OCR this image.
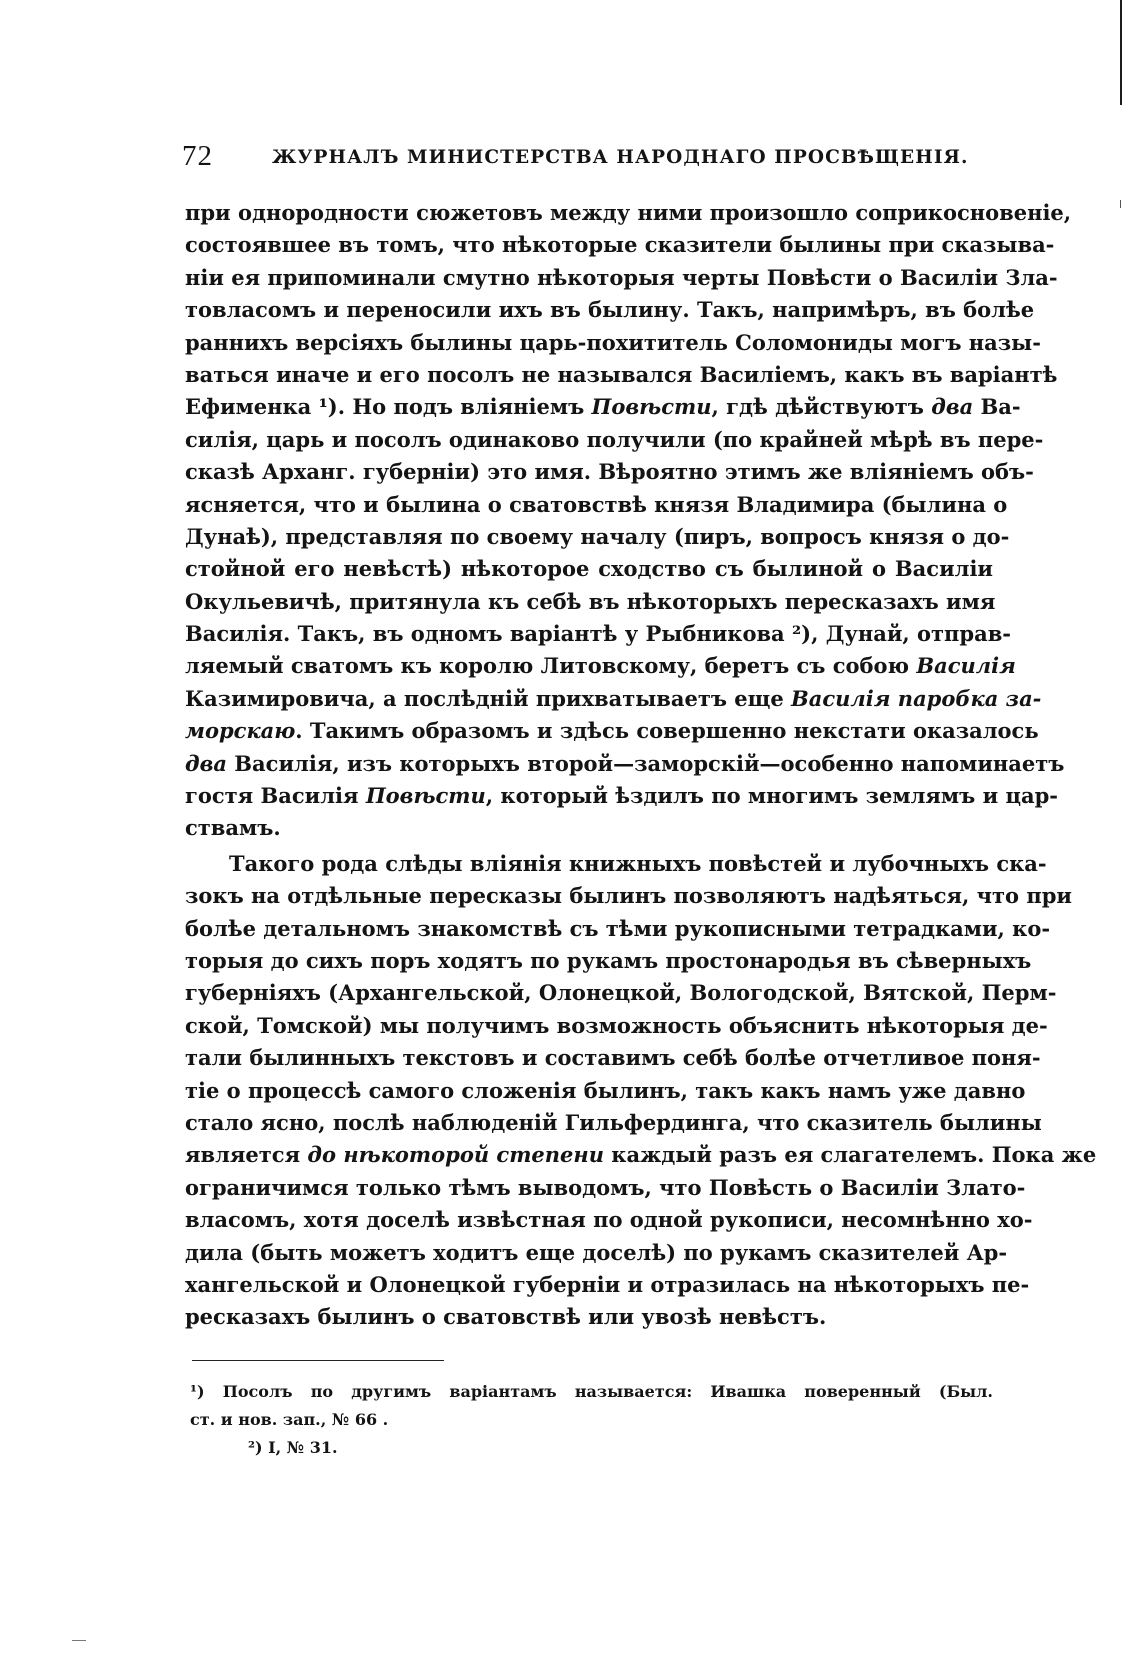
72	ЖУРНАЛЪ МИНИСТЕРСТВА НАРОДНАГО ПРОСВѢЩЕНІЯ.
при однородности сюжетовъ между ними произошло соприкосновеніе,
состоявшее въ томъ, что нѣкоторые сказители былины при сказыва-
ніи ея припоминали смутно нѣкоторыя черты Повѣсти о Василіи Зла-
товласомъ и переносили ихъ въ былину. Такъ, напримѣръ, въ болѣе
раннихъ версіяхъ былины царь-похититель Соломониды могъ назы-
ваться иначе и его посолъ не назывался Василіемъ, какъ въ варіантѣ
Ефименка ¹). Но подъ вліяніемъ Повѣсти, гдѣ дѣйствуютъ два Ва-
силія, царь и посолъ одинаково получили (по крайней мѣрѣ въ пере-
сказѣ Арханг. губерніи) это имя. Вѣроятно этимъ же вліяніемъ объ-
ясняется, что и былина о сватовствѣ князя Владимира (былина о
Дунаѣ), представляя по своему началу (пиръ, вопросъ князя о до-
стойной его невѣстѣ) нѣкоторое сходство съ былиной о Василіи
Окульевичѣ, притянула къ себѣ въ нѣкоторыхъ пересказахъ имя
Василія. Такъ, въ одномъ варіантѣ у Рыбникова ²), Дунай, отправ-
ляемый сватомъ къ королю Литовскому, беретъ съ собою Василія
Казимировича, а послѣдній прихватываетъ еще Василія паробка за-
морскаю. Такимъ образомъ и здѣсь совершенно некстати оказалось
два Василія, изъ которыхъ второй—заморскій—особенно напоминаетъ
гостя Василія Повѣсти, который ѣздилъ по многимъ землямъ и цар-
ствамъ.
Такого рода слѣды вліянія книжныхъ повѣстей и лубочныхъ ска-
зокъ на отдѣльные пересказы былинъ позволяютъ надѣяться, что при
болѣе детальномъ знакомствѣ съ тѣми рукописными тетрадками, ко-
торыя до сихъ поръ ходятъ по рукамъ простонародья въ сѣверныхъ
губерніяхъ (Архангельской, Олонецкой, Вологодской, Вятской, Перм-
ской, Томской) мы получимъ возможность объяснить нѣкоторыя де-
тали былинныхъ текстовъ и составимъ себѣ болѣе отчетливое поня-
тіе о процессѣ самого сложенія былинъ, такъ какъ намъ уже давно
стало ясно, послѣ наблюденій Гильфердинга, что сказитель былины
является до нѣкоторой степени каждый разъ ея слагателемъ. Пока же
ограничимся только тѣмъ выводомъ, что Повѣсть о Василіи Злато-
власомъ, хотя доселѣ извѣстная по одной рукописи, несомнѣнно хо-
дила (быть можетъ ходитъ еще доселѣ) по рукамъ сказителей Ар-
хангельской и Олонецкой губерніи и отразилась на нѣкоторыхъ пе-
ресказахъ былинъ о сватовствѣ или увозѣ невѣстъ.
¹) Посолъ по другимъ варіантамъ называется: Ивашка поверенный (Был.
ст. и нов. зап., № 66 .
²) I, № 31.
